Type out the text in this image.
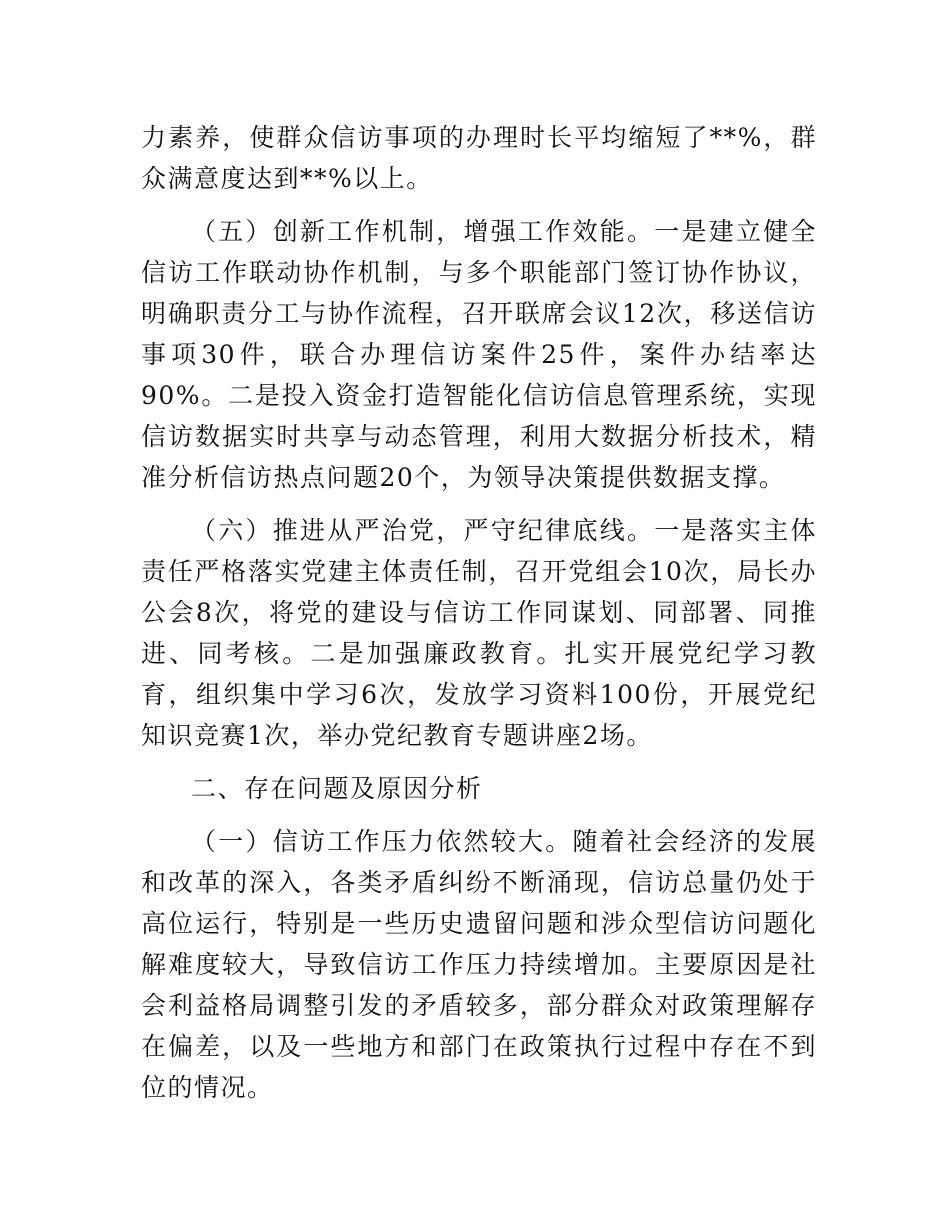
力素养，使群众信访事项的办理时长平均缩短了**%，群众满意度达到**%以上。

（五）创新工作机制，增强工作效能。一是建立健全信访工作联动协作机制，与多个职能部门签订协作协议，明确职责分工与协作流程，召开联席会议12次，移送信访事项30件，联合办理信访案件25件，案件办结率达90%。二是投入资金打造智能化信访信息管理系统，实现信访数据实时共享与动态管理，利用大数据分析技术，精准分析信访热点问题20个，为领导决策提供数据支撑。

（六）推进从严治党，严守纪律底线。一是落实主体责任严格落实党建主体责任制，召开党组会10次，局长办公会8次，将党的建设与信访工作同谋划、同部署、同推进、同考核。二是加强廉政教育。扎实开展党纪学习教育，组织集中学习6次，发放学习资料100份，开展党纪知识竞赛1次，举办党纪教育专题讲座2场。

二、存在问题及原因分析

（一）信访工作压力依然较大。随着社会经济的发展和改革的深入，各类矛盾纠纷不断涌现，信访总量仍处于高位运行，特别是一些历史遗留问题和涉众型信访问题化解难度较大，导致信访工作压力持续增加。主要原因是社会利益格局调整引发的矛盾较多，部分群众对政策理解存在偏差，以及一些地方和部门在政策执行过程中存在不到位的情况。
